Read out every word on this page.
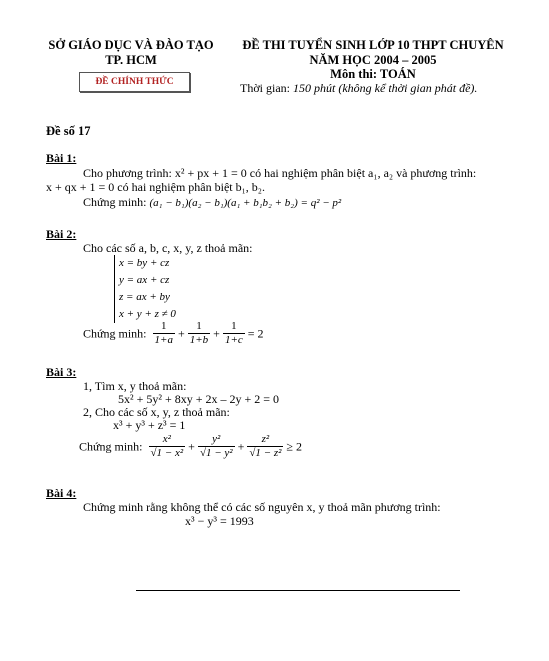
SỞ GIÁO DỤC VÀ ĐÀO TẠO
TP. HCM
ĐỀ CHÍNH THỨC
ĐỀ THI TUYỂN SINH LỚP 10 THPT CHUYÊN
NĂM HỌC 2004 – 2005
Môn thi: TOÁN
Thời gian: 150 phút (không kể thời gian phát đề).
Đề số 17
Bài 1:
Cho phương trình: x² + px + 1 = 0 có hai nghiệm phân biệt a₁, a₂ và phương trình:
x + qx + 1 = 0 có hai nghiệm phân biệt b₁, b₂.
Chứng minh: (a₁ − b₁)(a₂ − b₁)(a₁ + b₁b₂ + b₂) = q² − p²
Bài 2:
Cho các số a, b, c, x, y, z thoả mãn:
x = by + cz
y = ax + cz
z = ax + by
x + y + z ≠ 0
Chứng minh: $\frac{1}{1+a} + \frac{1}{1+b} + \frac{1}{1+c} = 2$
Bài 3:
1, Tìm x, y thoả mãn:
5x² + 5y² + 8xy + 2x – 2y + 2 = 0
2, Cho các số x, y, z thoả mãn:
x³ + y³ + z³ = 1
Chứng minh: $\frac{\text{x²}}{\text{√1 − x²}} + \frac{\text{y²}}{\text{√1 − y²}} + \frac{\text{z²}}{\text{√1 − z²}} \ge 2$
Bài 4:
Chứng minh rằng không thể có các số nguyên x, y thoả mãn phương trình:
x³ − y³ = 1993
